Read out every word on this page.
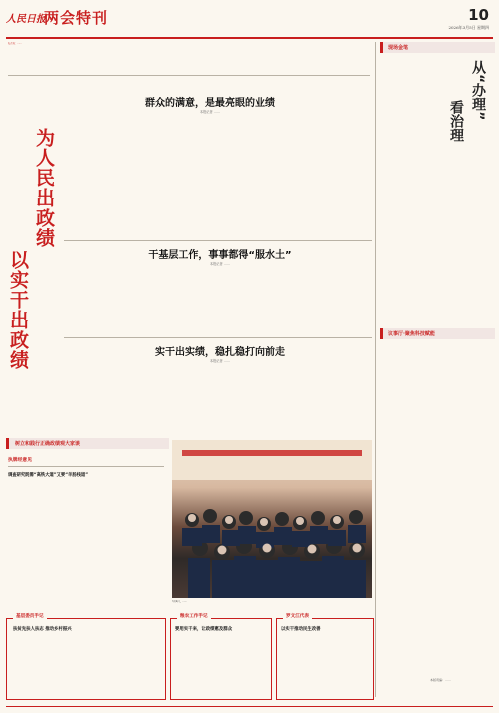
人民日报
两会特刊	10
2026年3月5日 星期四
编者按：……
群众的满意，是最亮眼的业绩
本报记者 ……
为人民出政绩
以实干出政绩	干基层工作，事事都得“服水土”
本报记者 ……
实干出实绩，稳扎稳打向前走
本报记者 ……
树立和践行正确政绩观大家谈
执牌经意见
调查研究既需“高铁大道”又要“羊肠栈道”
3月4日，……
现场金笔
从“办理”
看治理
议事厅·聚焦科技赋能
本版责编：……
基层委员手记
扶贫先扶人扶志 推动乡村振兴
粮农工作手记
要用实干来，让政绩惠及群众
罗文江代表
以实干推动民生改善
